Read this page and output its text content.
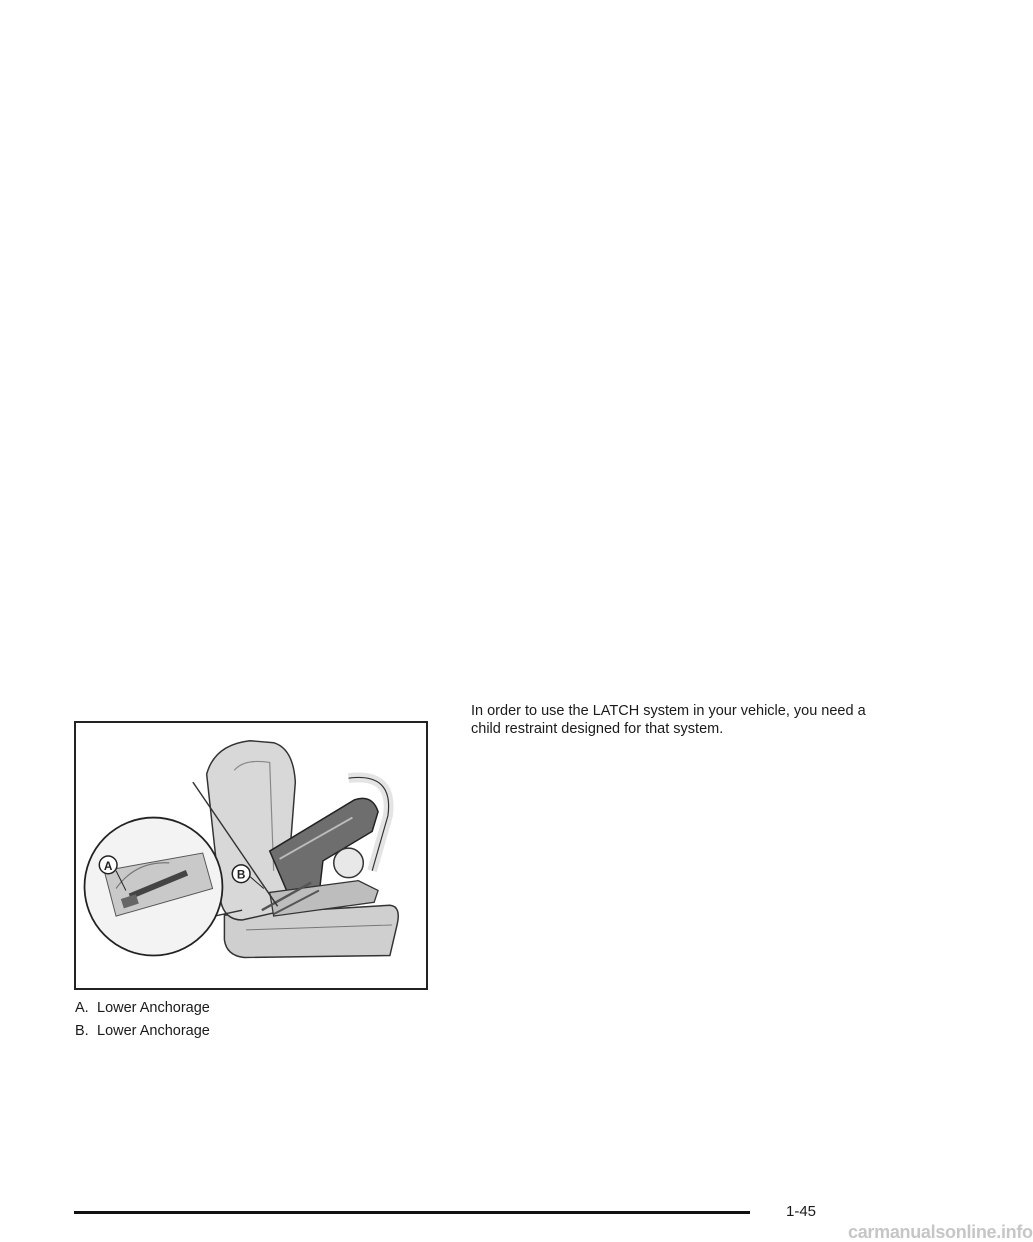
B
A
A. Lower Anchorage
B. Lower Anchorage

In order to use the LATCH system in your vehicle, you need a child restraint designed for that system.

1-45
carmanualsonline.info
